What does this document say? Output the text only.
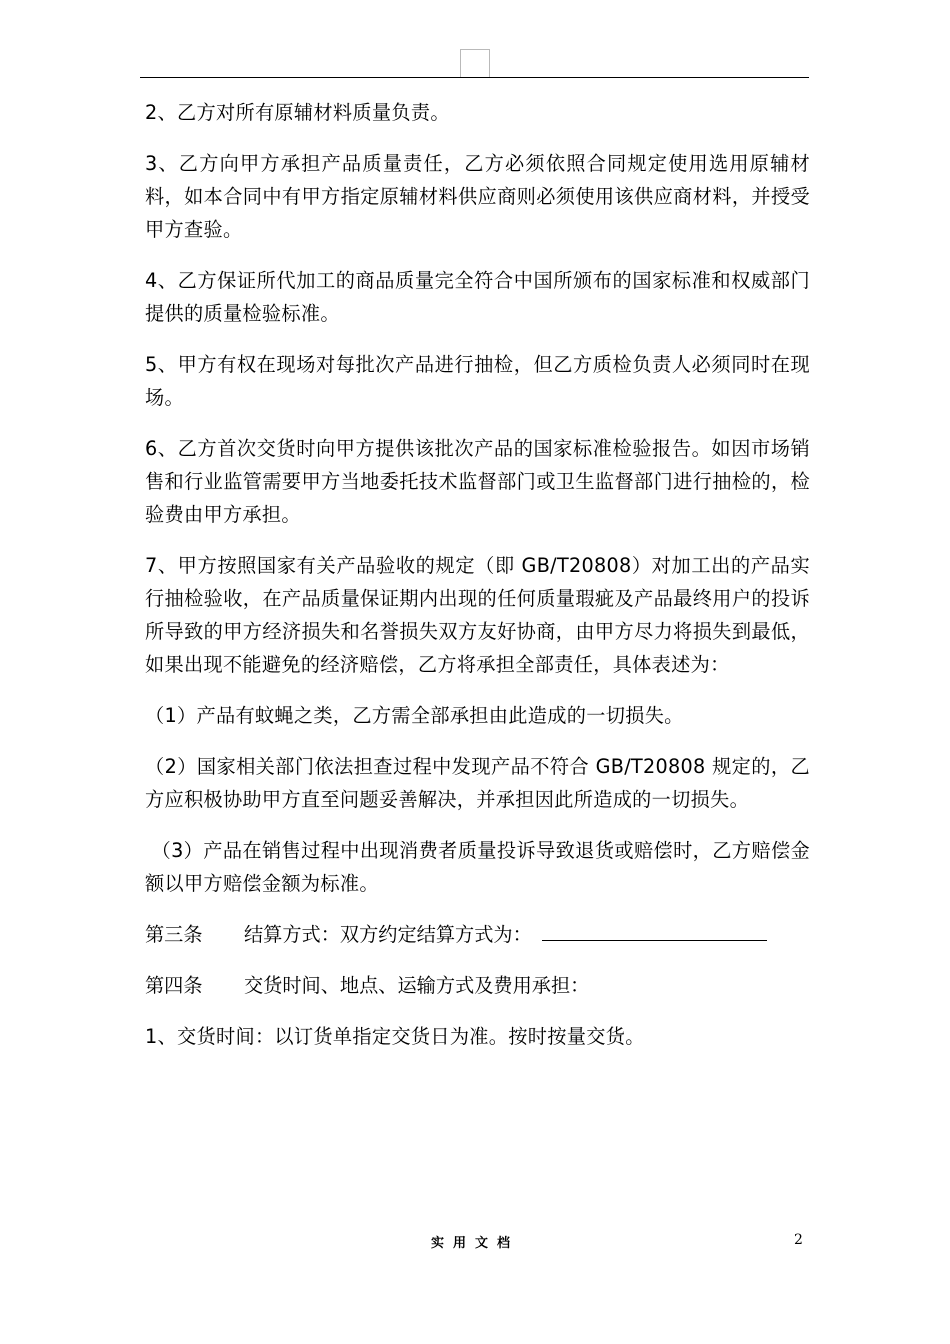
2、乙方对所有原辅材料质量负责。

3、乙方向甲方承担产品质量责任，乙方必须依照合同规定使用选用原辅材料，如本合同中有甲方指定原辅材料供应商则必须使用该供应商材料，并授受甲方查验。

4、乙方保证所代加工的商品质量完全符合中国所颁布的国家标准和权威部门提供的质量检验标准。

5、甲方有权在现场对每批次产品进行抽检，但乙方质检负责人必须同时在现场。

6、乙方首次交货时向甲方提供该批次产品的国家标准检验报告。如因市场销售和行业监管需要甲方当地委托技术监督部门或卫生监督部门进行抽检的，检验费由甲方承担。

7、甲方按照国家有关产品验收的规定（即 GB/T20808）对加工出的产品实行抽检验收，在产品质量保证期内出现的任何质量瑕疵及产品最终用户的投诉所导致的甲方经济损失和名誉损失双方友好协商，由甲方尽力将损失到最低，如果出现不能避免的经济赔偿，乙方将承担全部责任，具体表述为：

（1）产品有蚊蝇之类，乙方需全部承担由此造成的一切损失。

（2）国家相关部门依法担查过程中发现产品不符合 GB/T20808 规定的，乙方应积极协助甲方直至问题妥善解决，并承担因此所造成的一切损失。

（3）产品在销售过程中出现消费者质量投诉导致退货或赔偿时，乙方赔偿金额以甲方赔偿金额为标准。

第三条	结算方式：双方约定结算方式为：
第四条	交货时间、地点、运输方式及费用承担：

1、交货时间：以订货单指定交货日为准。按时按量交货。

实用文档	2
